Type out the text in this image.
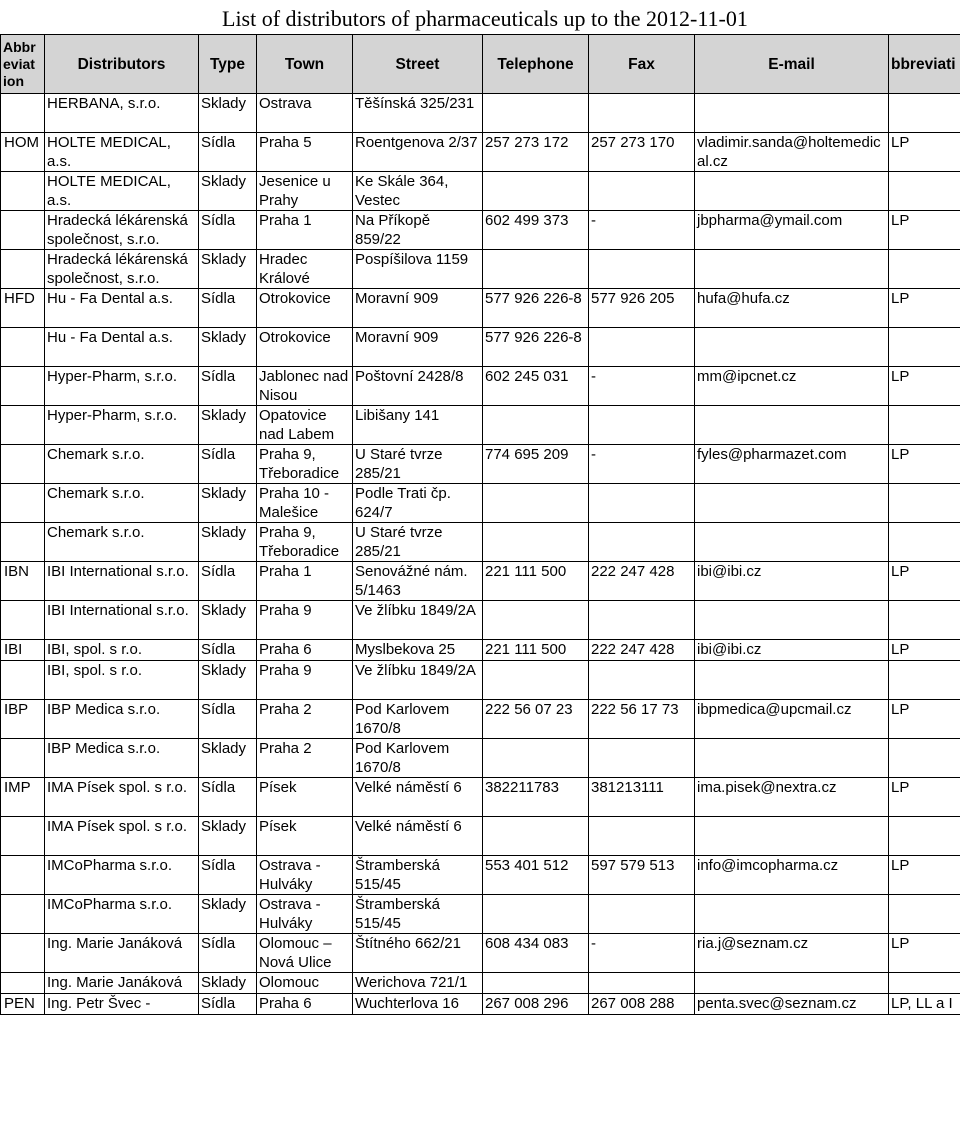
List of distributors of pharmaceuticals up to the 2012-11-01
Abbr eviat ion	Distributors	Type	Town	Street	Telephone	Fax	E-mail	bbreviati
	HERBANA, s.r.o.	Sklady	Ostrava	Těšínská 325/231				
HOM	HOLTE MEDICAL, a.s.	Sídla	Praha 5	Roentgenova 2/37	257 273 172	257 273 170	vladimir.sanda@holtemedical.cz	LP
	HOLTE MEDICAL, a.s.	Sklady	Jesenice u Prahy	Ke Skále 364, Vestec				
	Hradecká lékárenská společnost, s.r.o.	Sídla	Praha 1	Na Příkopě 859/22	602 499 373	-	jbpharma@ymail.com	LP
	Hradecká lékárenská společnost, s.r.o.	Sklady	Hradec Králové	Pospíšilova 1159				
HFD	Hu - Fa Dental a.s.	Sídla	Otrokovice	Moravní 909	577 926 226-8	577 926 205	hufa@hufa.cz	LP
	Hu - Fa Dental a.s.	Sklady	Otrokovice	Moravní 909	577 926 226-8			
	Hyper-Pharm, s.r.o.	Sídla	Jablonec nad Nisou	Poštovní 2428/8	602 245 031	-	mm@ipcnet.cz	LP
	Hyper-Pharm, s.r.o.	Sklady	Opatovice nad Labem	Libišany 141				
	Chemark s.r.o.	Sídla	Praha 9, Třeboradice	U Staré tvrze 285/21	774 695 209	-	fyles@pharmazet.com	LP
	Chemark s.r.o.	Sklady	Praha 10 - Malešice	Podle Trati čp. 624/7				
	Chemark s.r.o.	Sklady	Praha 9, Třeboradice	U Staré tvrze 285/21				
IBN	IBI International s.r.o.	Sídla	Praha 1	Senovážné nám. 5/1463	221 111 500	222 247 428	ibi@ibi.cz	LP
	IBI International s.r.o.	Sklady	Praha 9	Ve žlíbku 1849/2A				
IBI	IBI, spol. s r.o.	Sídla	Praha 6	Myslbekova 25	221 111 500	222 247 428	ibi@ibi.cz	LP
	IBI, spol. s r.o.	Sklady	Praha 9	Ve žlíbku 1849/2A				
IBP	IBP Medica s.r.o.	Sídla	Praha 2	Pod Karlovem 1670/8	222 56 07 23	222 56 17 73	ibpmedica@upcmail.cz	LP
	IBP Medica s.r.o.	Sklady	Praha 2	Pod Karlovem 1670/8				
IMP	IMA Písek spol. s r.o.	Sídla	Písek	Velké náměstí 6	382211783	381213111	ima.pisek@nextra.cz	LP
	IMA Písek spol. s r.o.	Sklady	Písek	Velké náměstí 6				
	IMCoPharma s.r.o.	Sídla	Ostrava - Hulváky	Štramberská 515/45	553 401 512	597 579 513	info@imcopharma.cz	LP
	IMCoPharma s.r.o.	Sklady	Ostrava - Hulváky	Štramberská 515/45				
	Ing. Marie Janáková	Sídla	Olomouc – Nová Ulice	Štítného 662/21	608 434 083	-	ria.j@seznam.cz	LP
	Ing. Marie Janáková	Sklady	Olomouc	Werichova 721/1				
PEN	Ing. Petr Švec -	Sídla	Praha 6	Wuchterlova 16	267 008 296	267 008 288	penta.svec@seznam.cz	LP, LL a I
